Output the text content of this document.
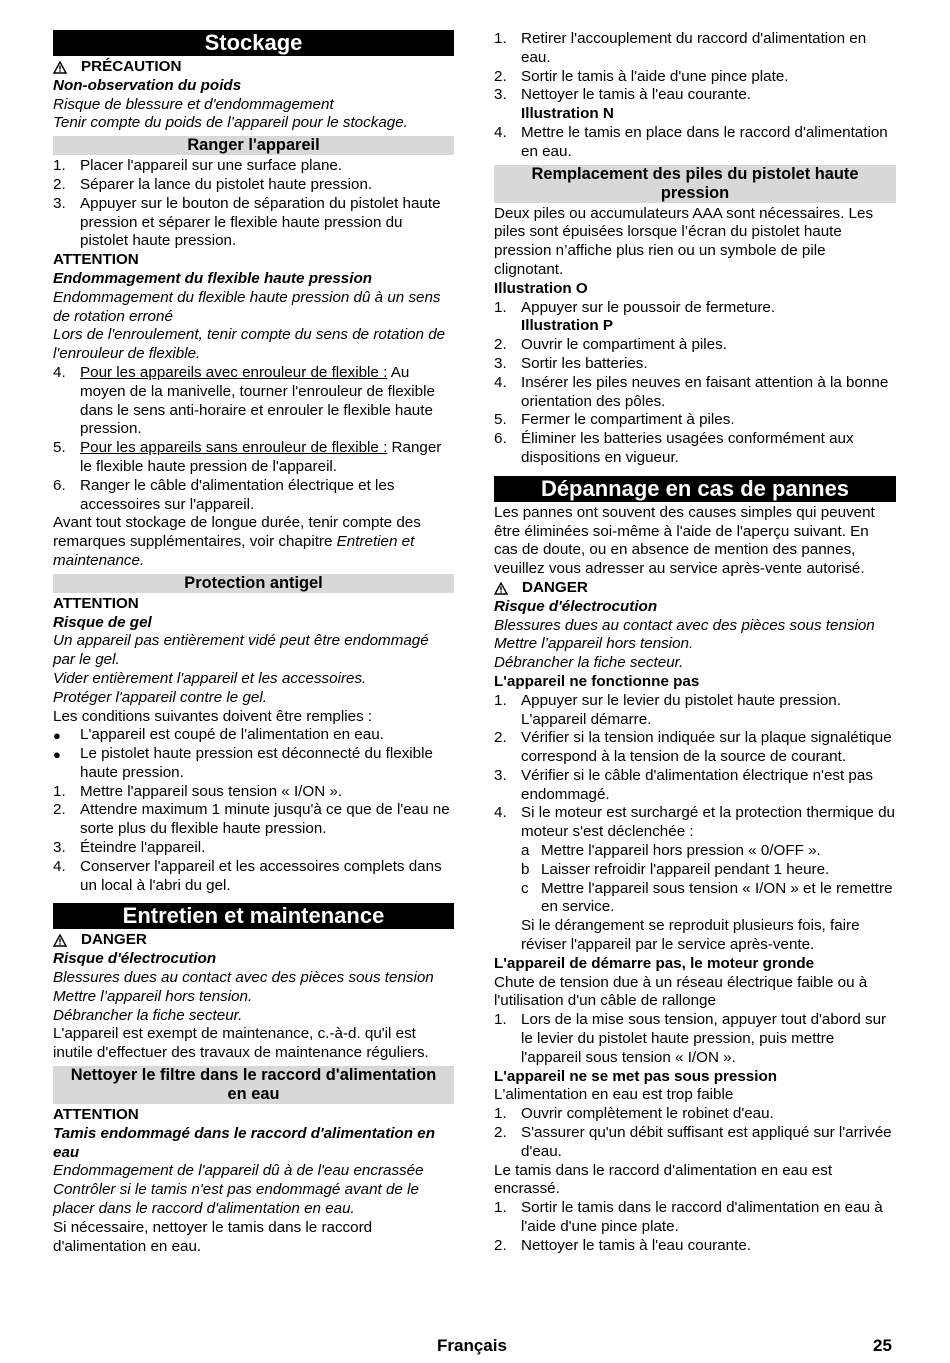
Stockage

PRÉCAUTION

Non-observation du poids

Risque de blessure et d'endommagement

Tenir compte du poids de l’appareil pour le stockage.

Ranger l'appareil
1. Placer l'appareil sur une surface plane.
2. Séparer la lance du pistolet haute pression.
3. Appuyer sur le bouton de séparation du pistolet haute pression et séparer le flexible haute pression du pistolet haute pression.

ATTENTION

Endommagement du flexible haute pression

Endommagement du flexible haute pression dû à un sens de rotation erroné

Lors de l'enroulement, tenir compte du sens de rotation de l'enrouleur de flexible.

4. Pour les appareils avec enrouleur de flexible : Au moyen de la manivelle, tourner l'enrouleur de flexible dans le sens anti-horaire et enrouler le flexible haute pression.
5. Pour les appareils sans enrouleur de flexible : Ranger le flexible haute pression de l'appareil.
6. Ranger le câble d'alimentation électrique et les accessoires sur l'appareil.

Avant tout stockage de longue durée, tenir compte des remarques supplémentaires, voir chapitre Entretien et maintenance.

Protection antigel

ATTENTION

Risque de gel

Un appareil pas entièrement vidé peut être endommagé par le gel.

Vider entièrement l'appareil et les accessoires.

Protéger l'appareil contre le gel.

Les conditions suivantes doivent être remplies :

● L'appareil est coupé de l'alimentation en eau.
● Le pistolet haute pression est déconnecté du flexible haute pression.
1. Mettre l'appareil sous tension « I/ON ».
2. Attendre maximum 1 minute jusqu'à ce que de l'eau ne sorte plus du flexible haute pression.
3. Éteindre l'appareil.
4. Conserver l'appareil et les accessoires complets dans un local à l'abri du gel.
Entretien et maintenance

DANGER

Risque d'électrocution

Blessures dues au contact avec des pièces sous tension

Mettre l’appareil hors tension.

Débrancher la fiche secteur.

L'appareil est exempt de maintenance, c.-à-d. qu'il est inutile d'effectuer des travaux de maintenance réguliers.

Nettoyer le filtre dans le raccord d'alimentation en eau

ATTENTION

Tamis endommagé dans le raccord d'alimentation en eau

Endommagement de l'appareil dû à de l'eau encrassée

Contrôler si le tamis n'est pas endommagé avant de le placer dans le raccord d'alimentation en eau.

Si nécessaire, nettoyer le tamis dans le raccord d'alimentation en eau.

1. Retirer l'accouplement du raccord d'alimentation en eau.
2. Sortir le tamis à l'aide d'une pince plate.
3. Nettoyer le tamis à l'eau courante.

Illustration N

4. Mettre le tamis en place dans le raccord d'alimentation en eau.
Remplacement des piles du pistolet haute pression

Deux piles ou accumulateurs AAA sont nécessaires. Les piles sont épuisées lorsque l’écran du pistolet haute pression n’affiche plus rien ou un symbole de pile clignotant.

Illustration O

1. Appuyer sur le poussoir de fermeture.

Illustration P

2. Ouvrir le compartiment à piles.
3. Sortir les batteries.
4. Insérer les piles neuves en faisant attention à la bonne orientation des pôles.
5. Fermer le compartiment à piles.
6. Éliminer les batteries usagées conformément aux dispositions en vigueur.
Dépannage en cas de pannes

Les pannes ont souvent des causes simples qui peuvent être éliminées soi-même à l'aide de l'aperçu suivant. En cas de doute, ou en absence de mention des pannes, veuillez vous adresser au service après-vente autorisé.

DANGER

Risque d'électrocution

Blessures dues au contact avec des pièces sous tension

Mettre l’appareil hors tension.

Débrancher la fiche secteur.

L'appareil ne fonctionne pas

1. Appuyer sur le levier du pistolet haute pression. L'appareil démarre.
2. Vérifier si la tension indiquée sur la plaque signalétique correspond à la tension de la source de courant.
3. Vérifier si le câble d'alimentation électrique n'est pas endommagé.
4. Si le moteur est surchargé et la protection thermique du moteur s'est déclenchée :
a Mettre l'appareil hors pression « 0/OFF ».
b Laisser refroidir l'appareil pendant 1 heure.
c Mettre l'appareil sous tension « I/ON » et le remettre en service.

Si le dérangement se reproduit plusieurs fois, faire réviser l'appareil par le service après-vente.

L'appareil de démarre pas, le moteur gronde

Chute de tension due à un réseau électrique faible ou à l'utilisation d'un câble de rallonge

1. Lors de la mise sous tension, appuyer tout d'abord sur le levier du pistolet haute pression, puis mettre l'appareil sous tension « I/ON ».

L'appareil ne se met pas sous pression

L'alimentation en eau est trop faible

1. Ouvrir complètement le robinet d'eau.
2. S'assurer qu'un débit suffisant est appliqué sur l'arrivée d'eau.

Le tamis dans le raccord d'alimentation en eau est encrassé.

1. Sortir le tamis dans le raccord d'alimentation en eau à l'aide d'une pince plate.
2. Nettoyer le tamis à l'eau courante.
Français	25
